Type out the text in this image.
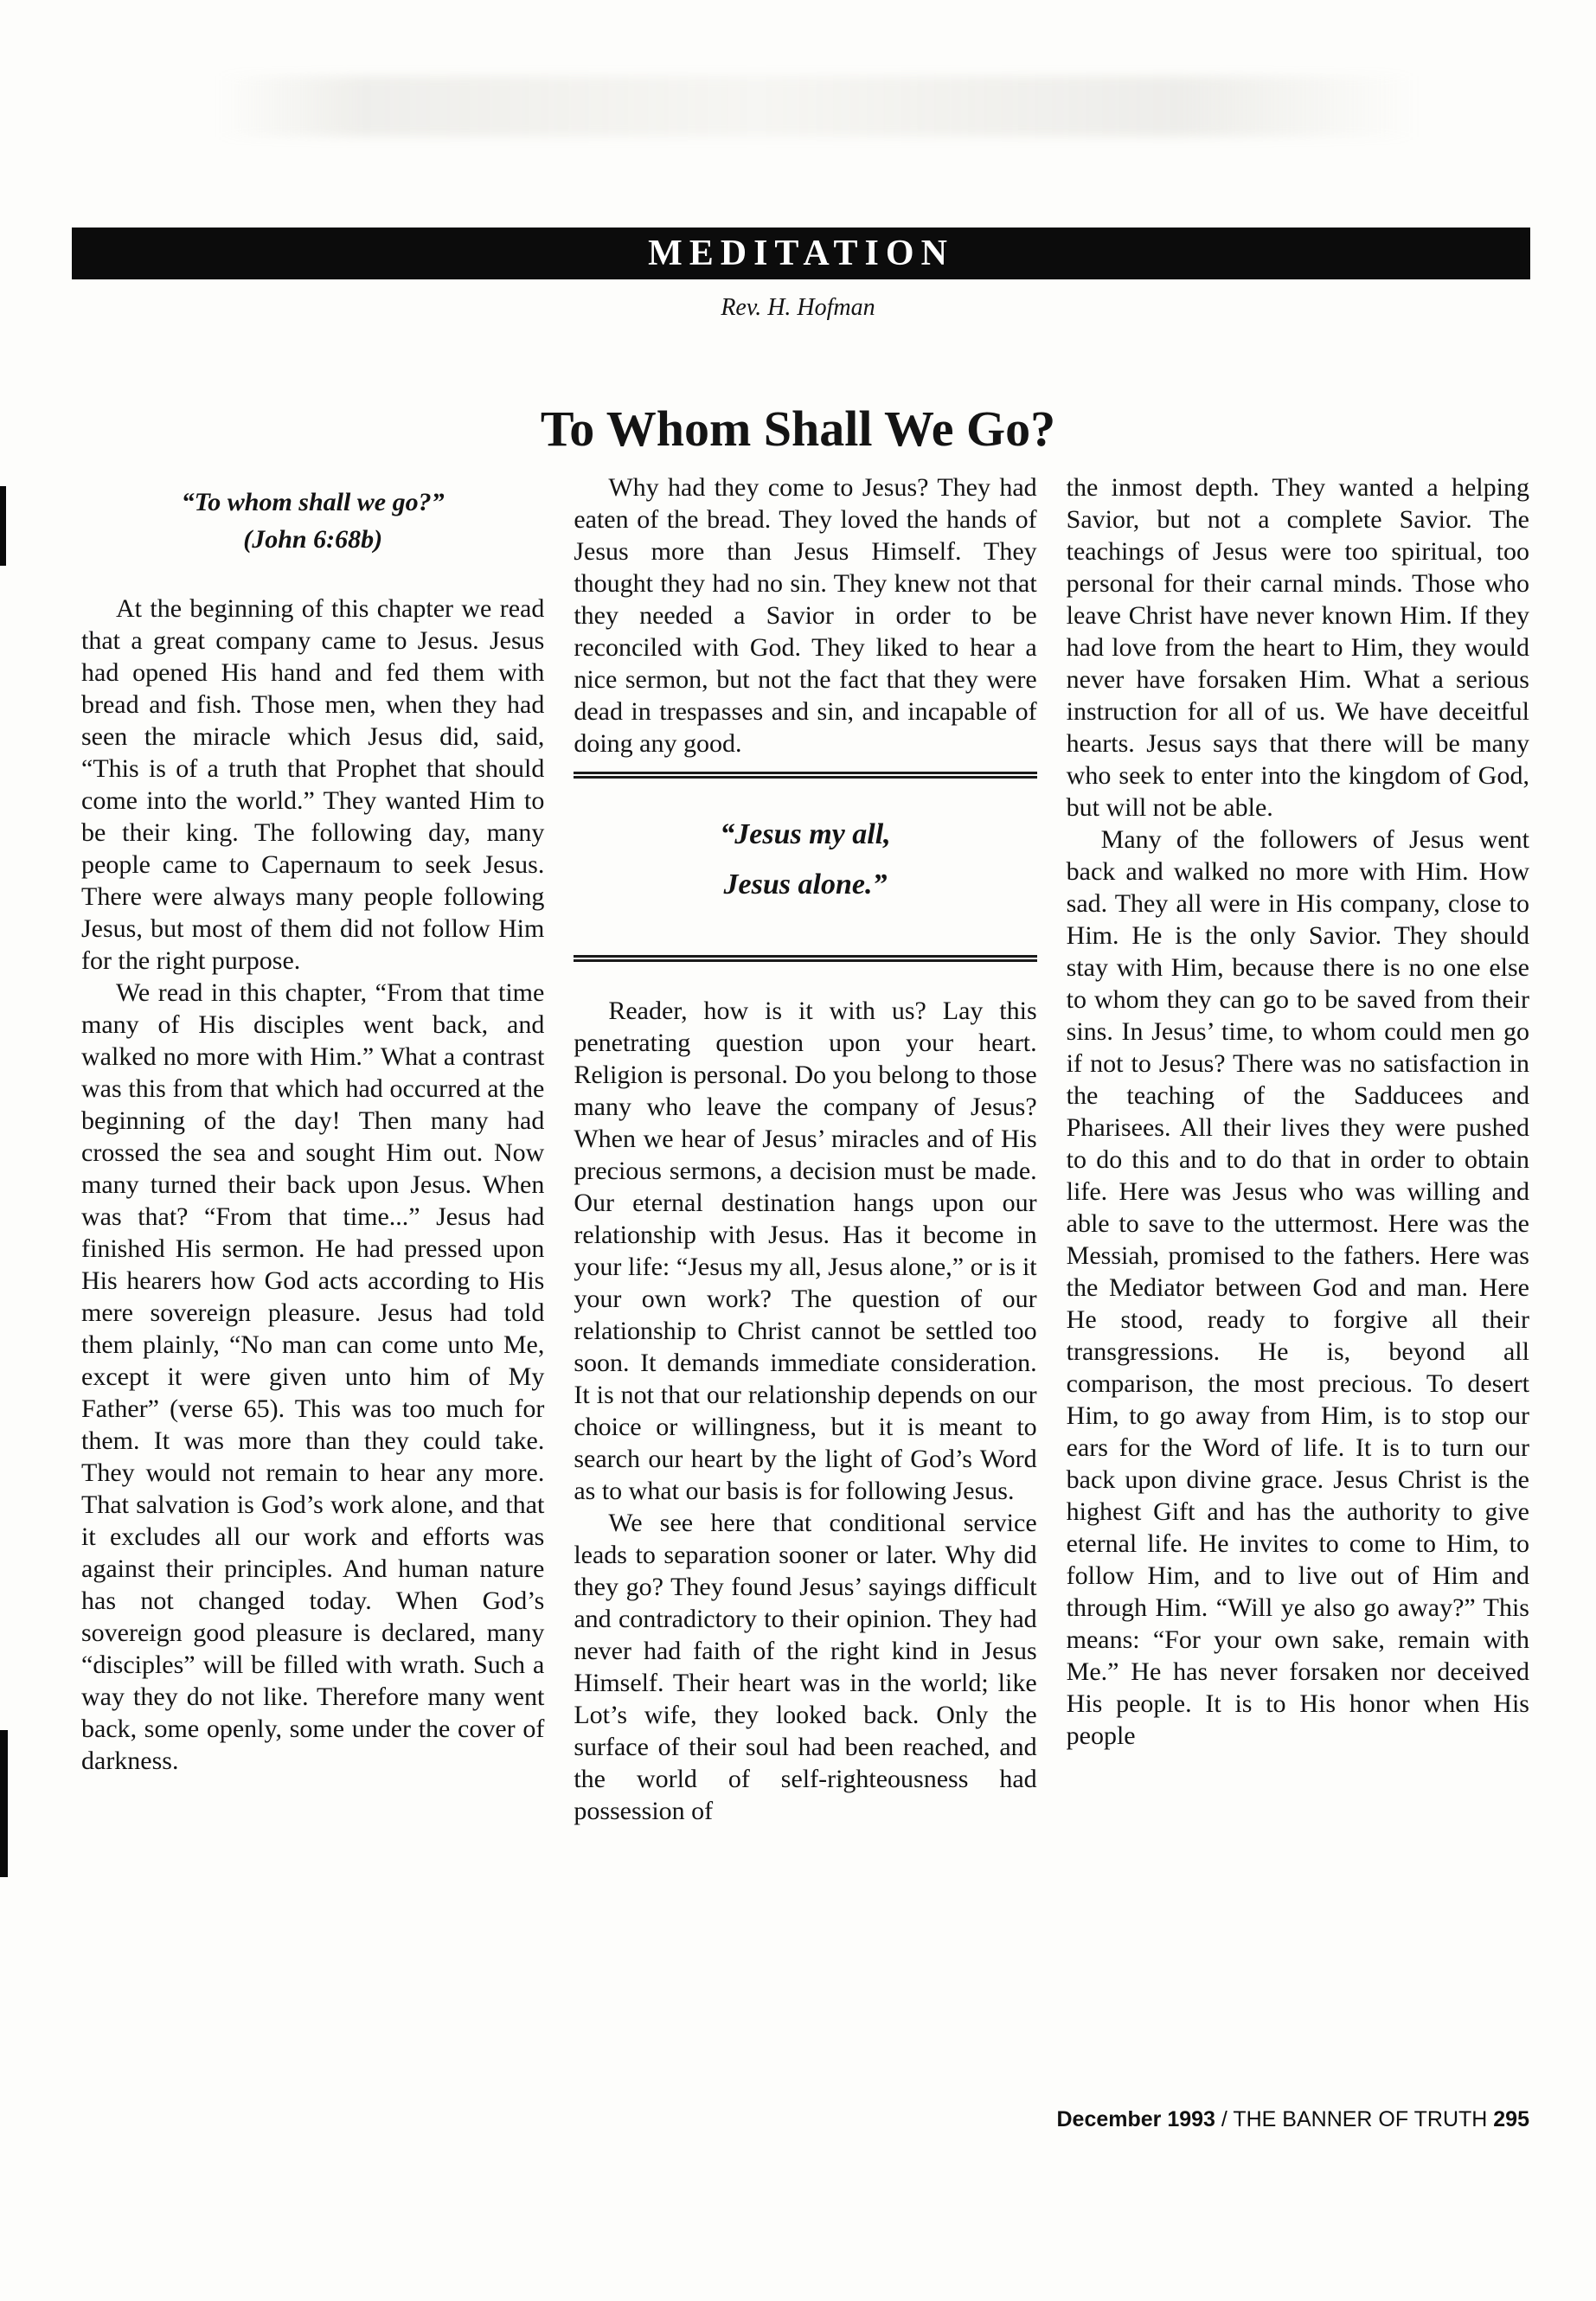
MEDITATION
Rev. H. Hofman
To Whom Shall We Go?
“To whom shall we go?”
(John 6:68b)

At the beginning of this chapter we read that a great company came to Jesus. Jesus had opened His hand and fed them with bread and fish. Those men, when they had seen the miracle which Jesus did, said, “This is of a truth that Prophet that should come into the world.” They wanted Him to be their king. The following day, many people came to Capernaum to seek Jesus. There were always many people following Jesus, but most of them did not follow Him for the right purpose.

We read in this chapter, “From that time many of His disciples went back, and walked no more with Him.” What a contrast was this from that which had occurred at the beginning of the day! Then many had crossed the sea and sought Him out. Now many turned their back upon Jesus. When was that? “From that time...” Jesus had finished His sermon. He had pressed upon His hearers how God acts according to His mere sovereign pleasure. Jesus had told them plainly, “No man can come unto Me, except it were given unto him of My Father” (verse 65). This was too much for them. It was more than they could take. They would not remain to hear any more. That salvation is God’s work alone, and that it excludes all our work and efforts was against their principles. And human nature has not changed today. When God’s sovereign good pleasure is declared, many “disciples” will be filled with wrath. Such a way they do not like. Therefore many went back, some openly, some under the cover of darkness.

Why had they come to Jesus? They had eaten of the bread. They loved the hands of Jesus more than Jesus Himself. They thought they had no sin. They knew not that they needed a Savior in order to be reconciled with God. They liked to hear a nice sermon, but not the fact that they were dead in trespasses and sin, and incapable of doing any good.

“Jesus my all,
Jesus alone.”

Reader, how is it with us? Lay this penetrating question upon your heart. Religion is personal. Do you belong to those many who leave the company of Jesus? When we hear of Jesus’ miracles and of His precious sermons, a decision must be made. Our eternal destination hangs upon our relationship with Jesus. Has it become in your life: “Jesus my all, Jesus alone,” or is it your own work? The question of our relationship to Christ cannot be settled too soon. It demands immediate consideration. It is not that our relationship depends on our choice or willingness, but it is meant to search our heart by the light of God’s Word as to what our basis is for following Jesus.

We see here that conditional service leads to separation sooner or later. Why did they go? They found Jesus’ sayings difficult and contradictory to their opinion. They had never had faith of the right kind in Jesus Himself. Their heart was in the world; like Lot’s wife, they looked back. Only the surface of their soul had been reached, and the world of self-righteousness had possession of

the inmost depth. They wanted a helping Savior, but not a complete Savior. The teachings of Jesus were too spiritual, too personal for their carnal minds. Those who leave Christ have never known Him. If they had love from the heart to Him, they would never have forsaken Him. What a serious instruction for all of us. We have deceitful hearts. Jesus says that there will be many who seek to enter into the kingdom of God, but will not be able.

Many of the followers of Jesus went back and walked no more with Him. How sad. They all were in His company, close to Him. He is the only Savior. They should stay with Him, because there is no one else to whom they can go to be saved from their sins. In Jesus’ time, to whom could men go if not to Jesus? There was no satisfaction in the teaching of the Sadducees and Pharisees. All their lives they were pushed to do this and to do that in order to obtain life. Here was Jesus who was willing and able to save to the uttermost. Here was the Messiah, promised to the fathers. Here was the Mediator between God and man. Here He stood, ready to forgive all their transgressions. He is, beyond all comparison, the most precious. To desert Him, to go away from Him, is to stop our ears for the Word of life. It is to turn our back upon divine grace. Jesus Christ is the highest Gift and has the authority to give eternal life. He invites to come to Him, to follow Him, and to live out of Him and through Him. “Will ye also go away?” This means: “For your own sake, remain with Me.” He has never forsaken nor deceived His people. It is to His honor when His people

December 1993 / THE BANNER OF TRUTH 295
